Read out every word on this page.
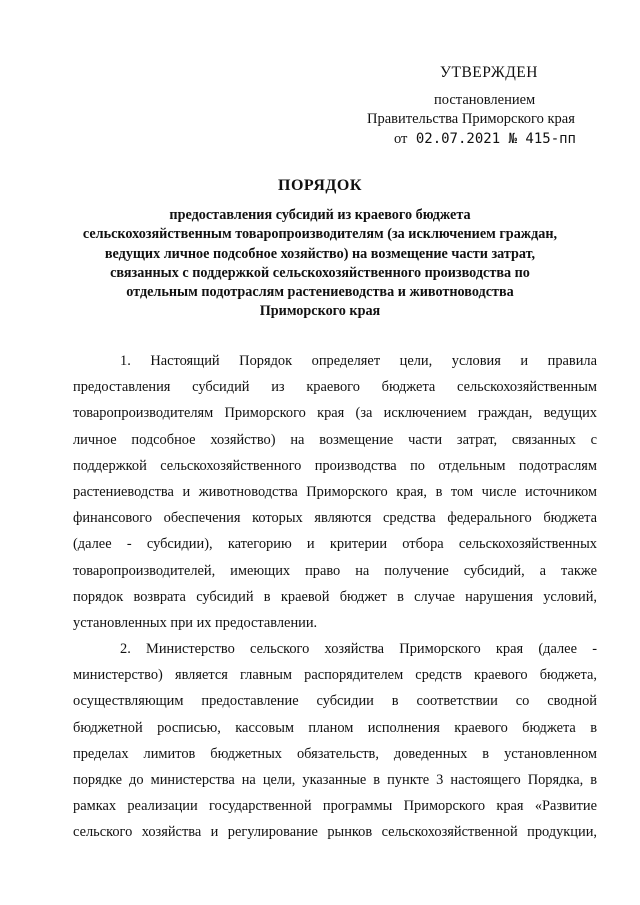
УТВЕРЖДЕН
постановлением
Правительства Приморского края
от 02.07.2021 № 415-пп
ПОРЯДОК
предоставления субсидий из краевого бюджета
сельскохозяйственным товаропроизводителям (за исключением граждан,
ведущих личное подсобное хозяйство) на возмещение части затрат,
связанных с поддержкой сельскохозяйственного производства по
отдельным подотраслям растениеводства и животноводства
Приморского края
1. Настоящий Порядок определяет цели, условия и правила
предоставления субсидий из краевого бюджета сельскохозяйственным
товаропроизводителям Приморского края (за исключением граждан, ведущих
личное подсобное хозяйство) на возмещение части затрат, связанных с
поддержкой сельскохозяйственного производства по отдельным подотраслям
растениеводства и животноводства Приморского края, в том числе источником
финансового обеспечения которых являются средства федерального бюджета
(далее - субсидии), категорию и критерии отбора сельскохозяйственных
товаропроизводителей, имеющих право на получение субсидий, а также
порядок возврата субсидий в краевой бюджет в случае нарушения условий,
установленных при их предоставлении.
2. Министерство сельского хозяйства Приморского края (далее -
министерство) является главным распорядителем средств краевого бюджета,
осуществляющим предоставление субсидии в соответствии со сводной
бюджетной росписью, кассовым планом исполнения краевого бюджета в
пределах лимитов бюджетных обязательств, доведенных в установленном
порядке до министерства на цели, указанные в пункте 3 настоящего Порядка, в
рамках реализации государственной программы Приморского края «Развитие
сельского хозяйства и регулирование рынков сельскохозяйственной продукции,
